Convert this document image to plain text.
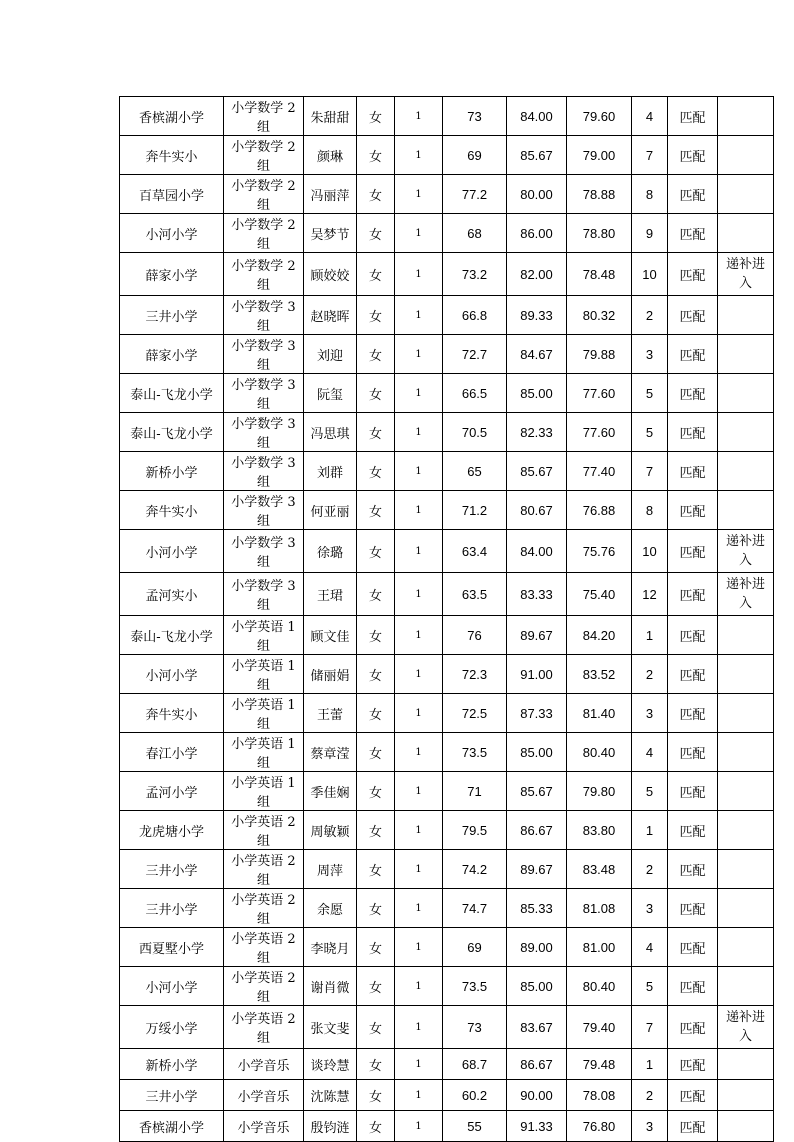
香槟湖小学	小学数学 2 组	朱甜甜	女	1	73	84.00	79.60	4	匹配	

奔牛实小	小学数学 2 组	颜琳	女	1	69	85.67	79.00	7	匹配	

百草园小学	小学数学 2 组	冯丽萍	女	1	77.2	80.00	78.88	8	匹配	

小河小学	小学数学 2 组	吴梦节	女	1	68	86.00	78.80	9	匹配	

薛家小学	小学数学 2 组	顾姣姣	女	1	73.2	82.00	78.48	10	匹配	递补进入

三井小学	小学数学 3 组	赵晓晖	女	1	66.8	89.33	80.32	2	匹配	

薛家小学	小学数学 3 组	刘迎	女	1	72.7	84.67	79.88	3	匹配	

泰山-飞龙小学	小学数学 3 组	阮玺	女	1	66.5	85.00	77.60	5	匹配	

泰山-飞龙小学	小学数学 3 组	冯思琪	女	1	70.5	82.33	77.60	5	匹配	

新桥小学	小学数学 3 组	刘群	女	1	65	85.67	77.40	7	匹配	

奔牛实小	小学数学 3 组	何亚丽	女	1	71.2	80.67	76.88	8	匹配	

小河小学	小学数学 3 组	徐璐	女	1	63.4	84.00	75.76	10	匹配	递补进入

孟河实小	小学数学 3 组	王珺	女	1	63.5	83.33	75.40	12	匹配	递补进入

泰山-飞龙小学	小学英语 1 组	顾文佳	女	1	76	89.67	84.20	1	匹配	

小河小学	小学英语 1 组	储丽娟	女	1	72.3	91.00	83.52	2	匹配	

奔牛实小	小学英语 1 组	王蕾	女	1	72.5	87.33	81.40	3	匹配	

春江小学	小学英语 1 组	蔡章滢	女	1	73.5	85.00	80.40	4	匹配	

孟河小学	小学英语 1 组	季佳娴	女	1	71	85.67	79.80	5	匹配	

龙虎塘小学	小学英语 2 组	周敏颖	女	1	79.5	86.67	83.80	1	匹配	

三井小学	小学英语 2 组	周萍	女	1	74.2	89.67	83.48	2	匹配	

三井小学	小学英语 2 组	余愿	女	1	74.7	85.33	81.08	3	匹配	

西夏墅小学	小学英语 2 组	李晓月	女	1	69	89.00	81.00	4	匹配	

小河小学	小学英语 2 组	谢肖微	女	1	73.5	85.00	80.40	5	匹配	

万绥小学	小学英语 2 组	张文斐	女	1	73	83.67	79.40	7	匹配	递补进入

新桥小学	小学音乐	谈玲慧	女	1	68.7	86.67	79.48	1	匹配	

三井小学	小学音乐	沈陈慧	女	1	60.2	90.00	78.08	2	匹配	

香槟湖小学	小学音乐	殷钧涟	女	1	55	91.33	76.80	3	匹配	
